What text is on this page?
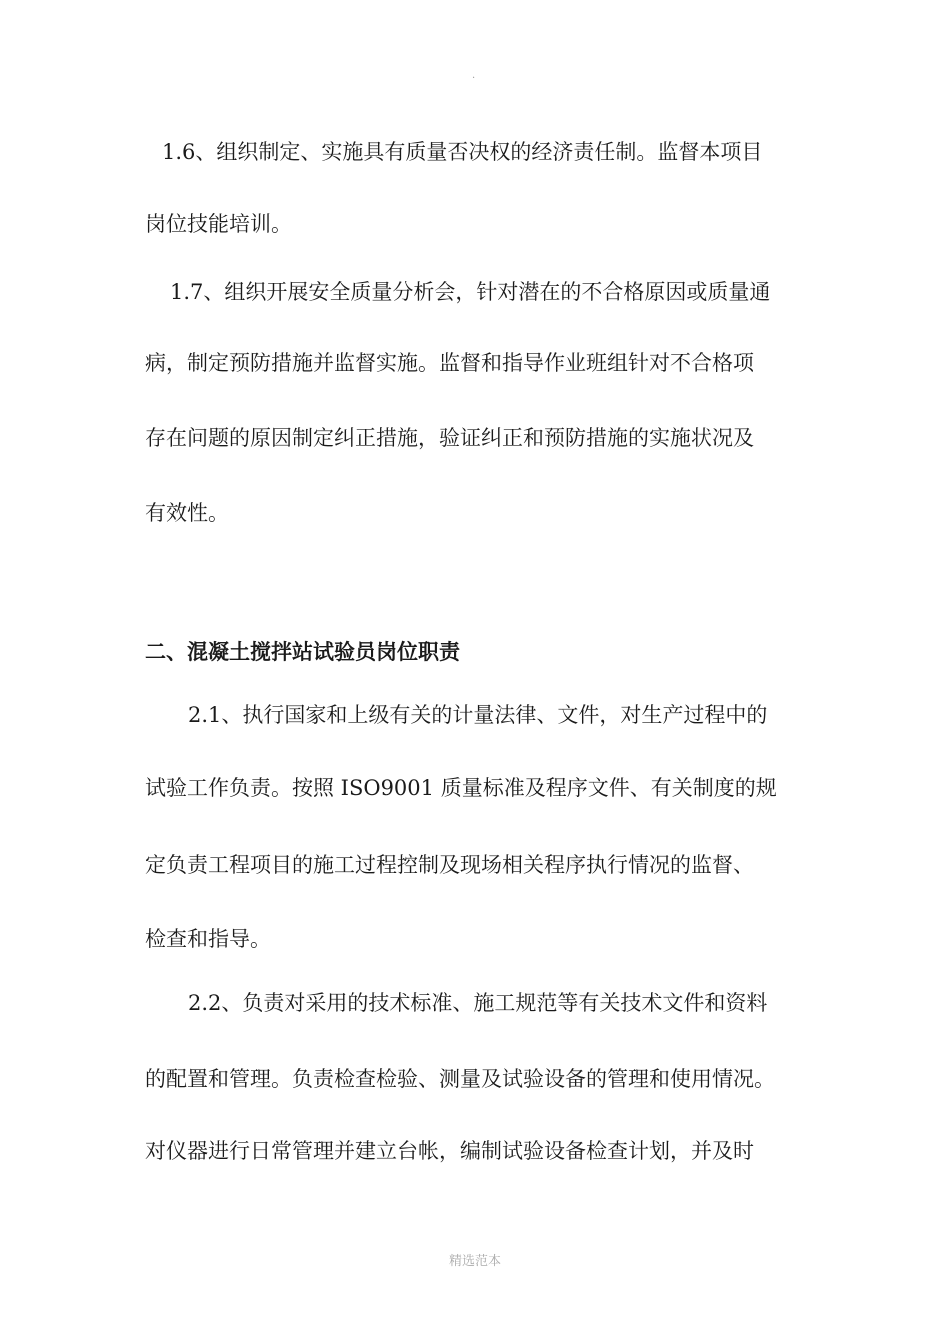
.
1.6、组织制定、实施具有质量否决权的经济责任制。监督本项目
岗位技能培训。
1.7、组织开展安全质量分析会，针对潜在的不合格原因或质量通
病，制定预防措施并监督实施。监督和指导作业班组针对不合格项
存在问题的原因制定纠正措施，验证纠正和预防措施的实施状况及
有效性。
二、混凝土搅拌站试验员岗位职责
2.1、执行国家和上级有关的计量法律、文件，对生产过程中的
试验工作负责。按照 ISO9001 质量标准及程序文件、有关制度的规
定负责工程项目的施工过程控制及现场相关程序执行情况的监督、
检查和指导。
2.2、负责对采用的技术标准、施工规范等有关技术文件和资料
的配置和管理。负责检查检验、测量及试验设备的管理和使用情况。
对仪器进行日常管理并建立台帐，编制试验设备检查计划，并及时
精选范本
